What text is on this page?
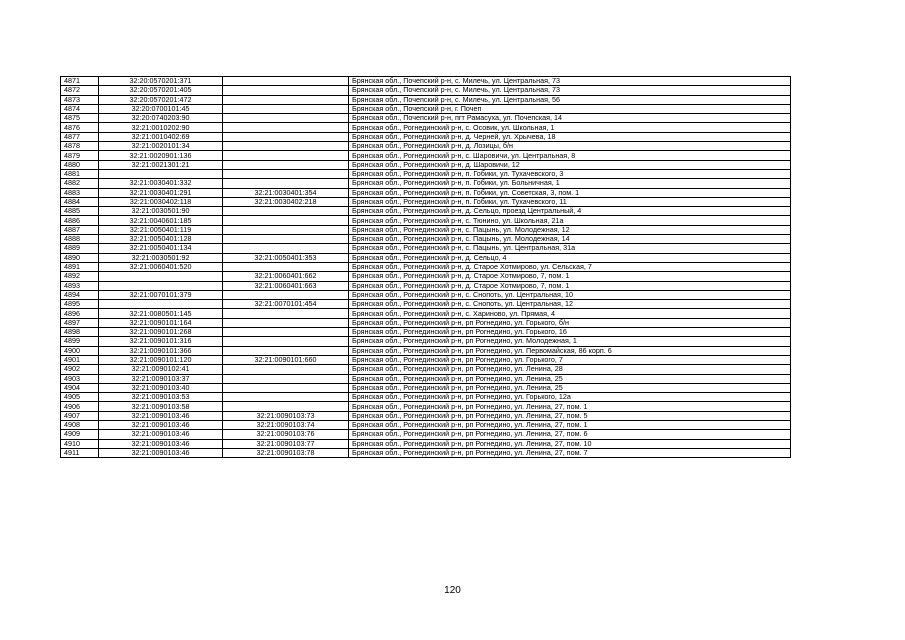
4871	32:20:0570201:371		Брянская обл., Почепский р-н, с. Милечь, ул. Центральная, 73
4872	32:20:0570201:405		Брянская обл., Почепский р-н, с. Милечь, ул. Центральная, 73
4873	32:20:0570201:472		Брянская обл., Почепский р-н, с. Милечь, ул. Центральная, 56
4874	32:20:0700101:45		Брянская обл., Почепский р-н, г. Почеп
4875	32:20:0740203:90		Брянская обл., Почепский р-н, пгт Рамасуха, ул. Почепская, 14
4876	32:21:0010202:90		Брянская обл., Рогнединский р-н, с. Осовик, ул. Школьная, 1
4877	32:21:0010402:69		Брянская обл., Рогнединский р-н, д. Черней, ул. Хрычева, 18
4878	32:21:0020101:34		Брянская обл., Рогнединский р-н, д. Лозицы, б/н
4879	32:21:0020901:136		Брянская обл., Рогнединский р-н, с. Шаровичи, ул. Центральная, 8
4880	32:21:0021301:21		Брянская обл., Рогнединский р-н, д. Шаровичи, 12
4881			Брянская обл., Рогнединский р-н, п. Гобики, ул. Тухачевского, 3
4882	32:21:0030401:332		Брянская обл., Рогнединский р-н, п. Гобики, ул. Больничная, 1
4883	32:21:0030401:291	32:21:0030401:354	Брянская обл., Рогнединский р-н, п. Гобики, ул. Советская, 3, пом. 1
4884	32:21:0030402:118	32:21:0030402:218	Брянская обл., Рогнединский р-н, п. Гобики, ул. Тухачевского, 11
4885	32:21:0030501:90		Брянская обл., Рогнединский р-н, д. Сельцо, проезд Центральный, 4
4886	32:21:0040601:185		Брянская обл., Рогнединский р-н, с. Тюнино, ул. Школьная, 21а
4887	32:21:0050401:119		Брянская обл., Рогнединский р-н, с. Пацынь, ул. Молодежная, 12
4888	32:21:0050401:128		Брянская обл., Рогнединский р-н, с. Пацынь, ул. Молодежная, 14
4889	32:21:0050401:134		Брянская обл., Рогнединский р-н, с. Пацынь, ул. Центральная, 31а
4890	32:21:0030501:92	32:21:0050401:353	Брянская обл., Рогнединский р-н, д. Сельцо, 4
4891	32:21:0060401:520		Брянская обл., Рогнединский р-н, д. Старое Хотмирово, ул. Сельская, 7
4892		32:21:0060401:662	Брянская обл., Рогнединский р-н, д. Старое Хотмирово, 7, пом. 1
4893		32:21:0060401:663	Брянская обл., Рогнединский р-н, д. Старое Хотмирово, 7, пом. 1
4894	32:21:0070101:379		Брянская обл., Рогнединский р-н, с. Снопоть, ул. Центральная, 10
4895		32:21:0070101:454	Брянская обл., Рогнединский р-н, с. Снопоть, ул. Центральная, 12
4896	32:21:0080501:145		Брянская обл., Рогнединский р-н, с. Хариново, ул. Прямая, 4
4897	32:21:0090101:164		Брянская обл., Рогнединский р-н, рп Рогнедино, ул. Горького, б/н
4898	32:21:0090101:268		Брянская обл., Рогнединский р-н, рп Рогнедино, ул. Горького, 16
4899	32:21:0090101:316		Брянская обл., Рогнединский р-н, рп Рогнедино, ул. Молодежная, 1
4900	32:21:0090101:366		Брянская обл., Рогнединский р-н, рп Рогнедино, ул. Первомайская, 86 корп. 6
4901	32:21:0090101:120	32:21:0090101:660	Брянская обл., Рогнединский р-н, рп Рогнедино, ул. Горького, 7
4902	32:21:0090102:41		Брянская обл., Рогнединский р-н, рп Рогнедино, ул. Ленина, 28
4903	32:21:0090103:37		Брянская обл., Рогнединский р-н, рп Рогнедино, ул. Ленина, 25
4904	32:21:0090103:40		Брянская обл., Рогнединский р-н, рп Рогнедино, ул. Ленина, 25
4905	32:21:0090103:53		Брянская обл., Рогнединский р-н, рп Рогнедино, ул. Горького, 12а
4906	32:21:0090103:58		Брянская обл., Рогнединский р-н, рп Рогнедино, ул. Ленина, 27, пом. 1
4907	32:21:0090103:46	32:21:0090103:73	Брянская обл., Рогнединский р-н, рп Рогнедино, ул. Ленина, 27, пом. 5
4908	32:21:0090103:46	32:21:0090103:74	Брянская обл., Рогнединский р-н, рп Рогнедино, ул. Ленина, 27, пом. 1
4909	32:21:0090103:46	32:21:0090103:76	Брянская обл., Рогнединский р-н, рп Рогнедино, ул. Ленина, 27, пом. 6
4910	32:21:0090103:46	32:21:0090103:77	Брянская обл., Рогнединский р-н, рп Рогнедино, ул. Ленина, 27, пом. 10
4911	32:21:0090103:46	32:21:0090103:78	Брянская обл., Рогнединский р-н, рп Рогнедино, ул. Ленина, 27, пом. 7
120
